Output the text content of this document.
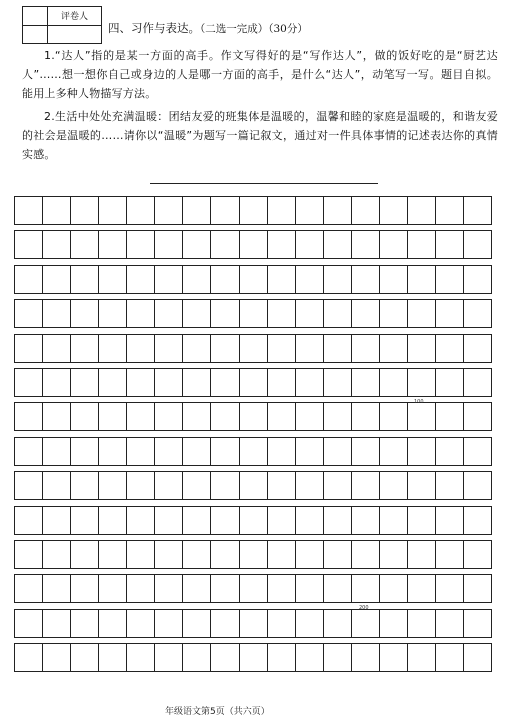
	评卷人

四、习作与表达。（二选一完成）（30分）
1.“达人”指的是某一方面的高手。作文写得好的是“写作达人”，做的饭好吃的是“厨艺达人”……想一想你自己或身边的人是哪一方面的高手，是什么“达人”，动笔写一写。题目自拟。能用上多种人物描写方法。
2.生活中处处充满温暖：团结友爱的班集体是温暖的，温馨和睦的家庭是温暖的，和谐友爱的社会是温暖的……请你以“温暖”为题写一篇记叙文，通过对一件具体事情的记述表达你的真情实感。
100
200
年级语文第5页（共六页）
